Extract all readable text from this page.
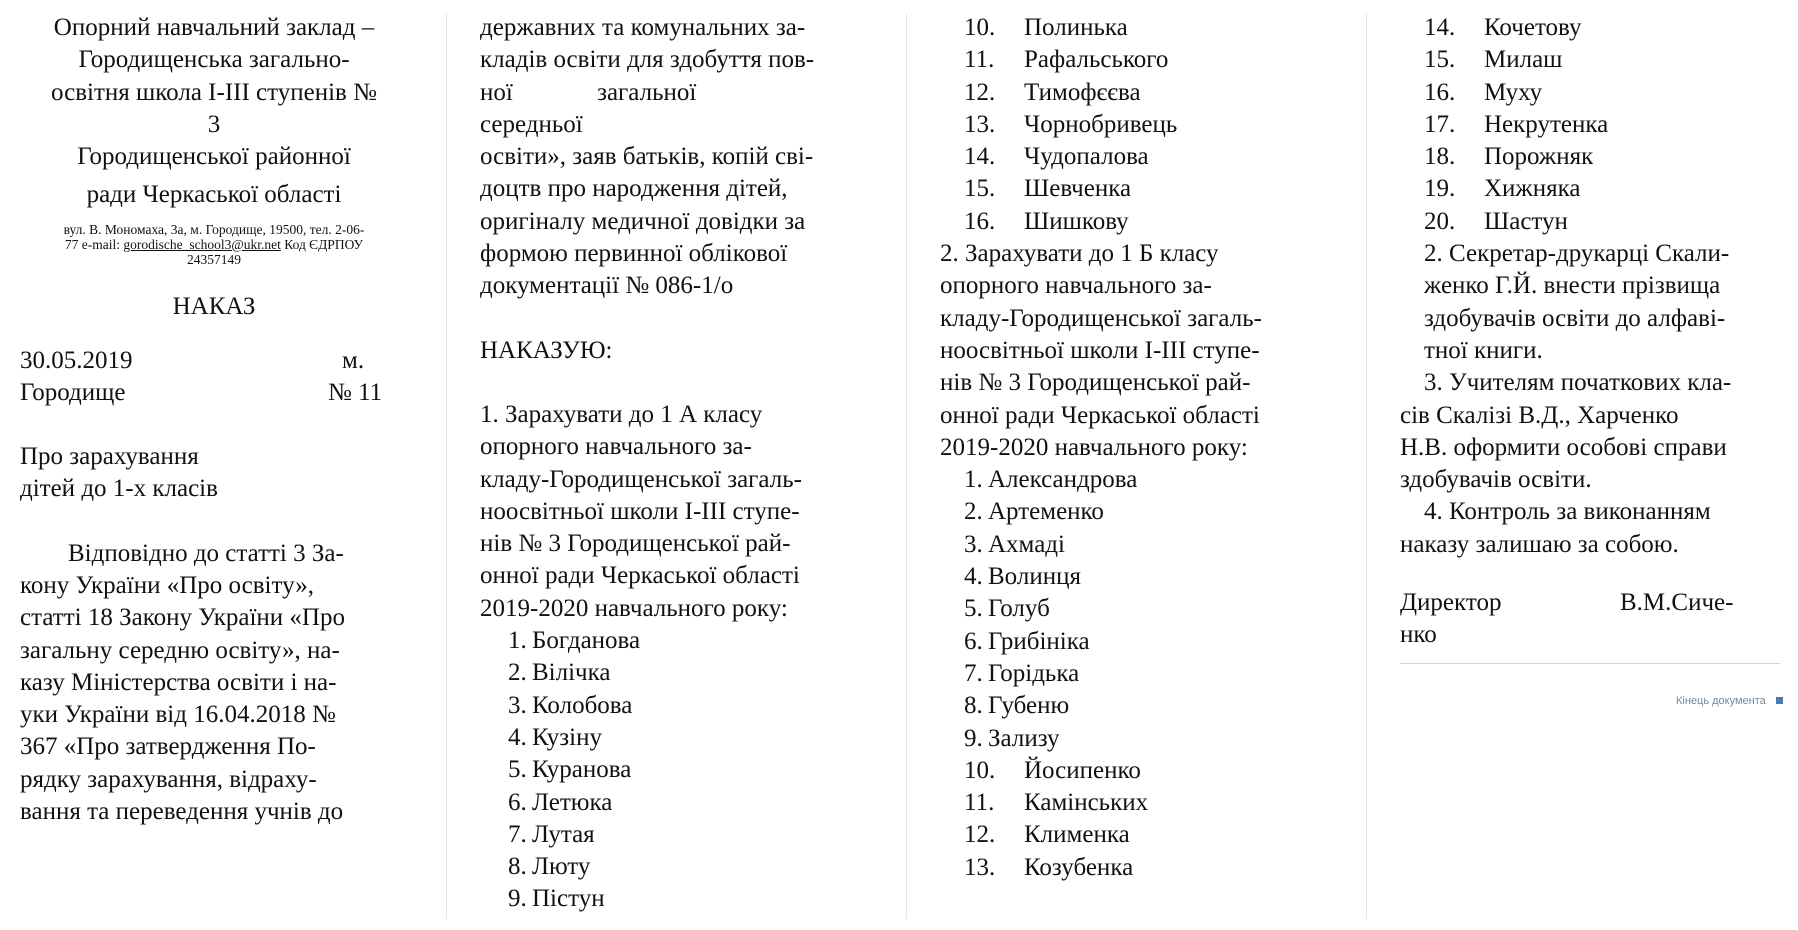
Опорний навчальний заклад –
Городищенська загально-
освітня школа І-ІІІ ступенів №
3
Городищенської районної
ради Черкаської області
вул. В. Мономаха, 3а, м. Городище, 19500, тел. 2-06-
77 e-mail: gorodische_school3@ukr.net Код ЄДРПОУ
24357149
НАКАЗ
30.05.2019	м.
Городище	№ 11
Про зарахування
дітей до 1-х класів
Відповідно до статті 3 За-
кону України «Про освіту»,
статті 18 Закону України «Про
загальну середню освіту», на-
казу Міністерства освіти і на-
уки України від 16.04.2018 №
367 «Про затвердження По-
рядку зарахування, відраху-
вання та переведення учнів до
державних та комунальних за-
кладів освіти для здобуття пов-
ної загальної середньої
освіти», заяв батьків, копій сві-
доцтв про народження дітей,
оригіналу медичної довідки за
формою первинної облікової
документації № 086-1/о
НАКАЗУЮ:
1. Зарахувати до 1 А класу
опорного навчального за-
кладу-Городищенської загаль-
ноосвітньої школи І-ІІІ ступе-
нів № 3 Городищенської рай-
онної ради Черкаської області
2019-2020 навчального року:
1. Богданова
2. Вілічка
3. Колобова
4. Кузіну
5. Куранова
6. Летюка
7. Лутая
8. Люту
9. Пістун
10. Полинька
11. Рафальського
12. Тимофєєва
13. Чорнобривець
14. Чудопалова
15. Шевченка
16. Шишкову
2. Зарахувати до 1 Б класу
опорного навчального за-
кладу-Городищенської загаль-
ноосвітньої школи І-ІІІ ступе-
нів № 3 Городищенської рай-
онної ради Черкаської області
2019-2020 навчального року:
1. Александрова
2. Артеменко
3. Ахмаді
4. Волинця
5. Голуб
6. Грибініка
7. Горідька
8. Губеню
9. Зализу
10. Йосипенко
11. Камінських
12. Клименка
13. Козубенка
14. Кочетову
15. Милаш
16. Муху
17. Некрутенка
18. Порожняк
19. Хижняка
20. Шастун
2. Секретар-друкарці Скали-
женко Г.Й. внести прізвища
здобувачів освіти до алфаві-
тної книги.
3. Учителям початкових кла-
сів Скалізі В.Д., Харченко
Н.В. оформити особові справи
здобувачів освіти.
4. Контроль за виконанням
наказу залишаю за собою.
Директор	В.М.Сиче-
нко
Кінець документа
